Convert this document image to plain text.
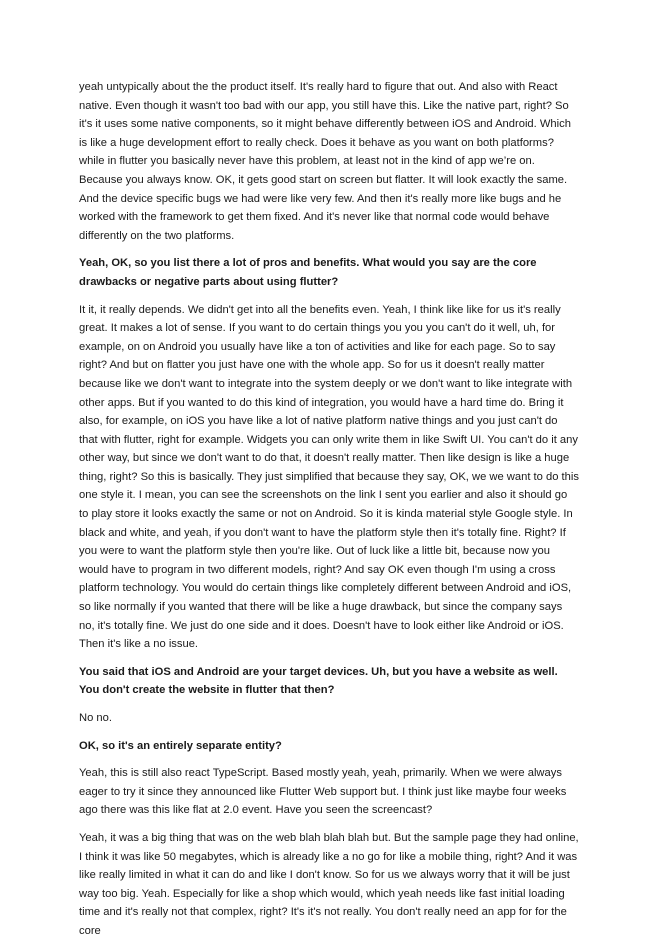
yeah untypically about the the product itself. It's really hard to figure that out. And also with React native. Even though it wasn't too bad with our app, you still have this. Like the native part, right? So it's it uses some native components, so it might behave differently between iOS and Android. Which is like a huge development effort to really check. Does it behave as you want on both platforms? while in flutter you basically never have this problem, at least not in the kind of app we’re on. Because you always know. OK, it gets good start on screen but flatter. It will look exactly the same. And the device specific bugs we had were like very few. And then it's really more like bugs and he worked with the framework to get them fixed. And it's never like that normal code would behave differently on the two platforms.

Yeah, OK, so you list there a lot of pros and benefits. What would you say are the core drawbacks or negative parts about using flutter?

It it, it really depends. We didn't get into all the benefits even. Yeah, I think like like for us it's really great. It makes a lot of sense. If you want to do certain things you you you can't do it well, uh, for example, on on Android you usually have like a ton of activities and like for each page. So to say right? And but on flatter you just have one with the whole app. So for us it doesn't really matter because like we don't want to integrate into the system deeply or we don't want to like integrate with other apps. But if you wanted to do this kind of integration, you would have a hard time do. Bring it also, for example, on iOS you have like a lot of native platform native things and you just can't do that with flutter, right for example. Widgets you can only write them in like Swift UI. You can't do it any other way, but since we don't want to do that, it doesn't really matter. Then like design is like a huge thing, right? So this is basically. They just simplified that because they say, OK, we we want to do this one style it. I mean, you can see the screenshots on the link I sent you earlier and also it should go to play store it looks exactly the same or not on Android. So it is kinda material style Google style. In black and white, and yeah, if you don't want to have the platform style then it's totally fine. Right? If you were to want the platform style then you're like. Out of luck like a little bit, because now you would have to program in two different models, right? And say OK even though I'm using a cross platform technology. You would do certain things like completely different between Android and iOS, so like normally if you wanted that there will be like a huge drawback, but since the company says no, it's totally fine. We just do one side and it does. Doesn't have to look either like Android or iOS. Then it's like a no issue.

You said that iOS and Android are your target devices. Uh, but you have a website as well. You don't create the website in flutter that then?

No no.

OK, so it's an entirely separate entity?

Yeah, this is still also react TypeScript. Based mostly yeah, yeah, primarily. When we were always eager to try it since they announced like Flutter Web support but. I think just like maybe four weeks ago there was this like flat at 2.0 event. Have you seen the screencast?

Yeah, it was a big thing that was on the web blah blah blah but. But the sample page they had online, I think it was like 50 megabytes, which is already like a no go for like a mobile thing, right? And it was like really limited in what it can do and like I don't know. So for us we always worry that it will be just way too big. Yeah. Especially for like a shop which would, which yeah needs like fast initial loading time and it's really not that complex, right? It's it's not really. You don't really need an app for for the core
